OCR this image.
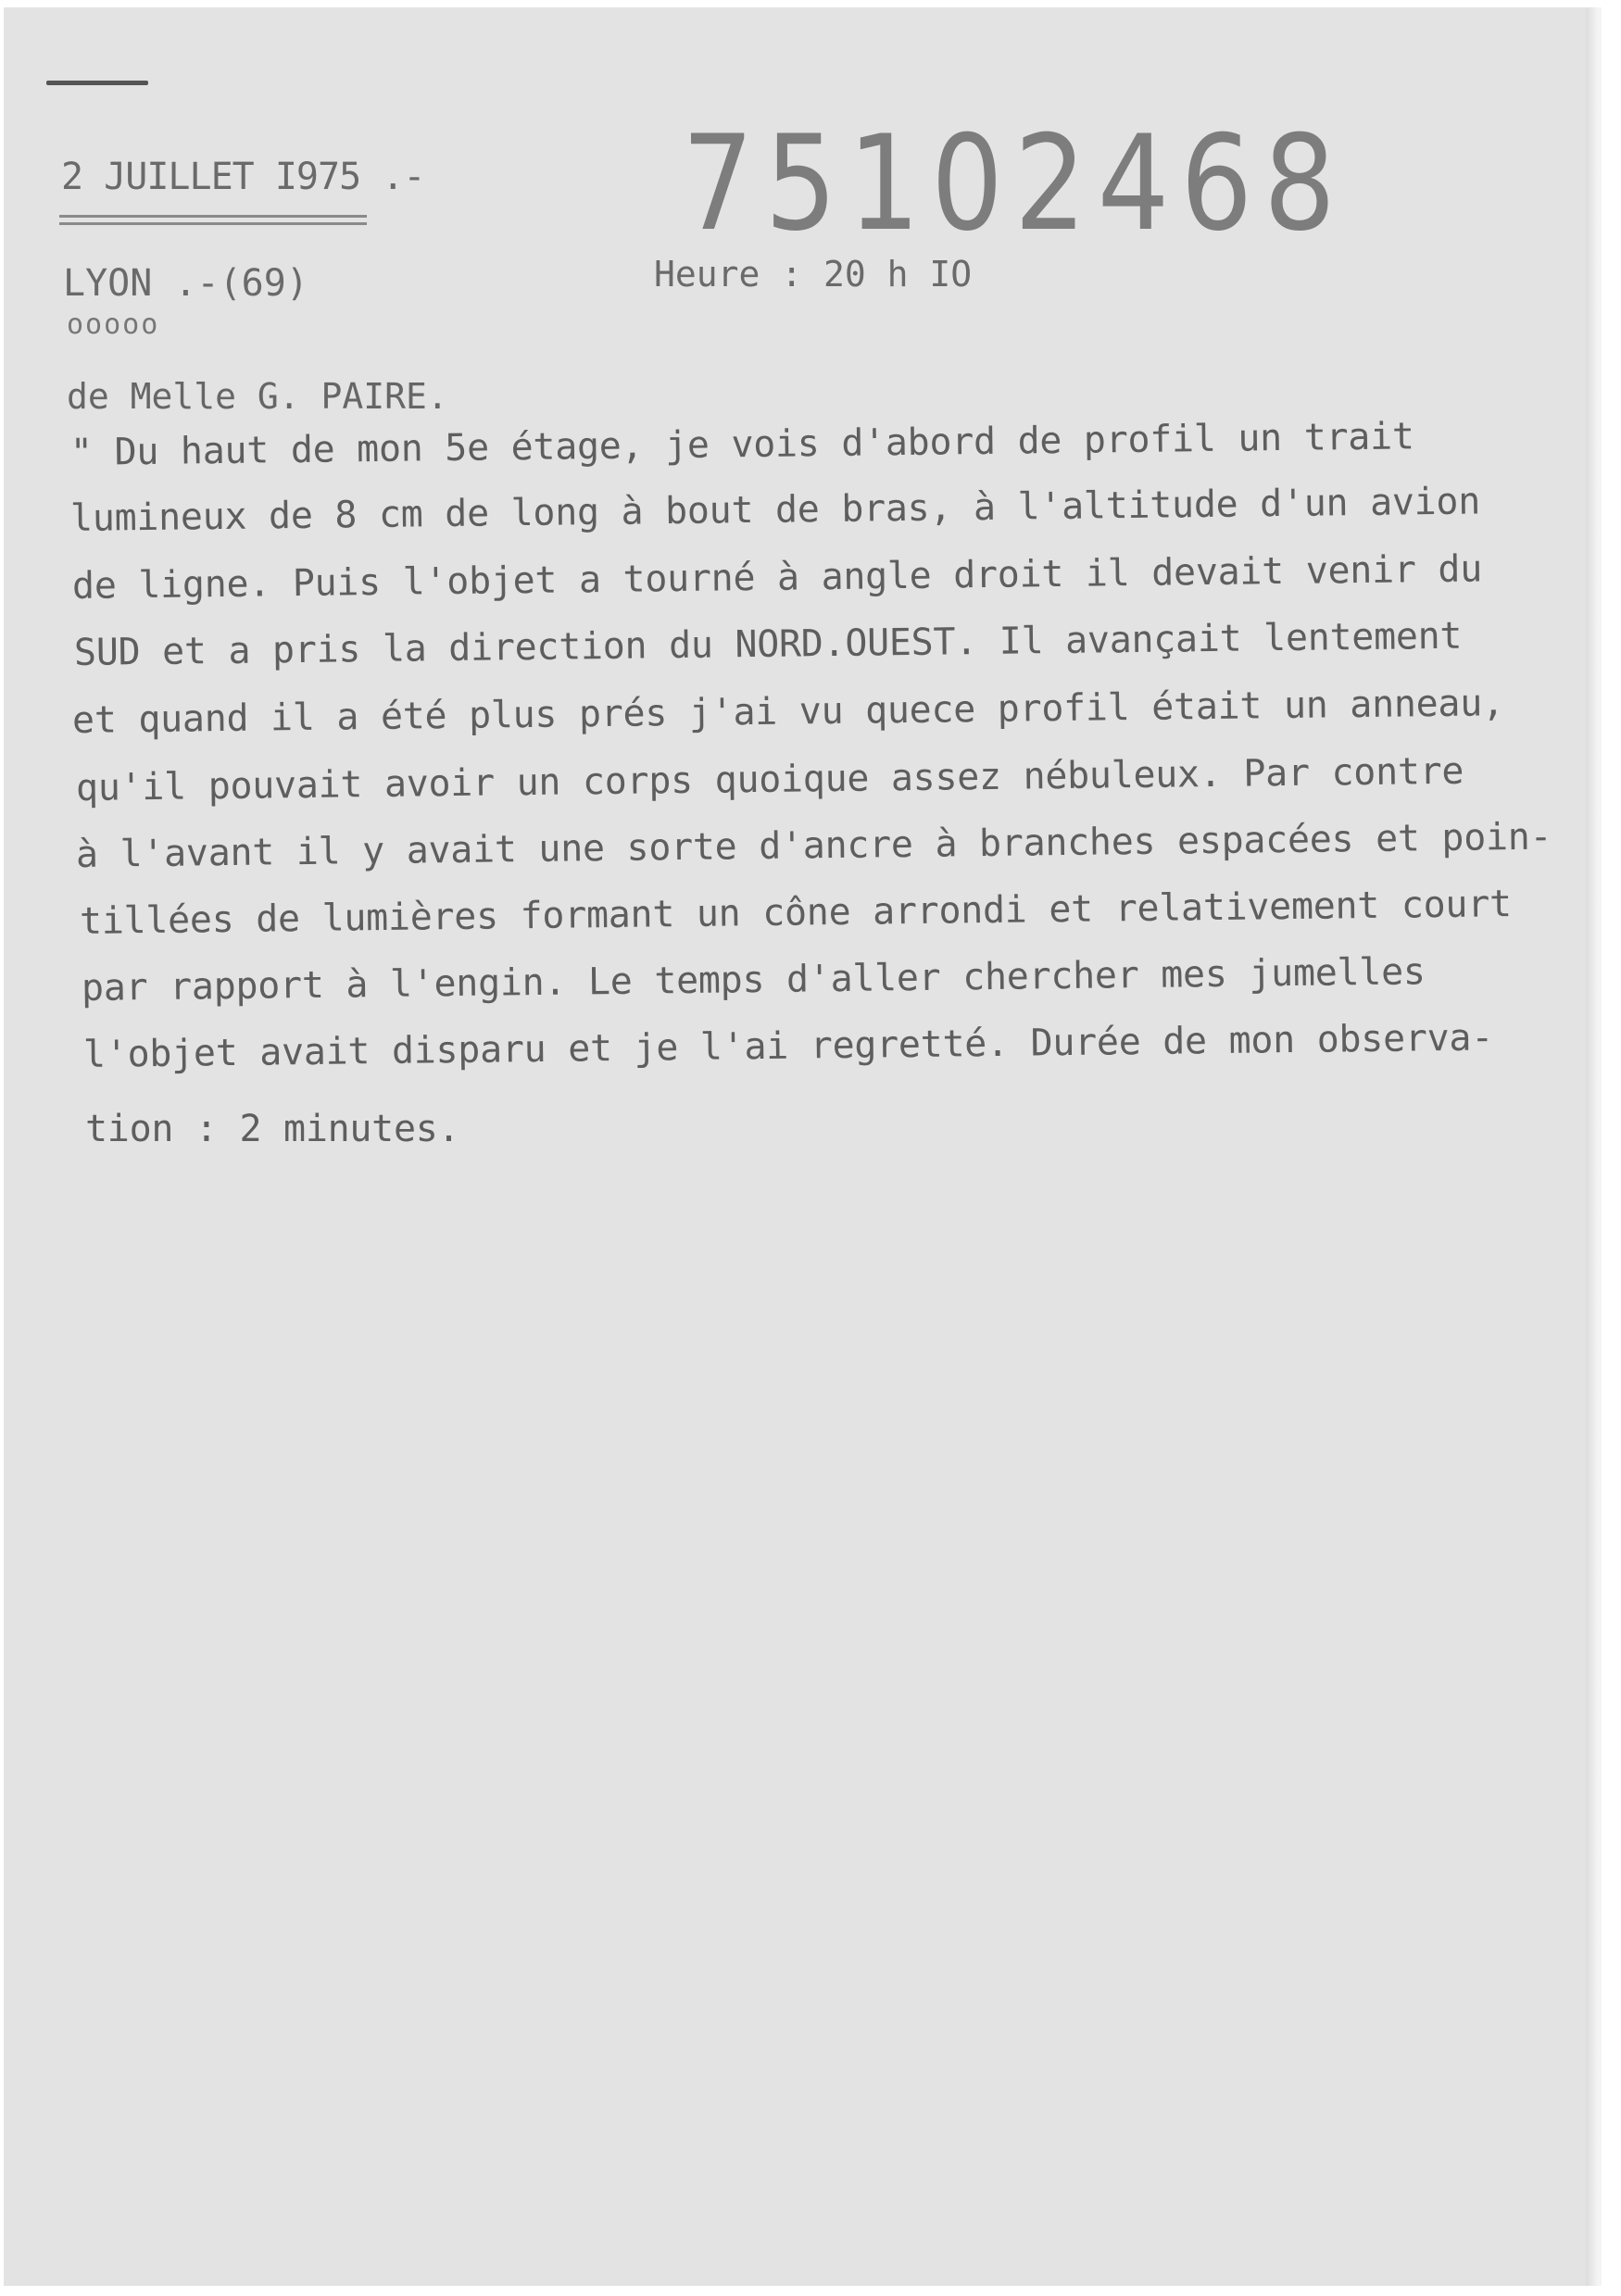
2 JUILLET I975 .- 75102468
LYON .-(69)
ooooo
Heure : 20 h IO
de Melle G. PAIRE.
" Du haut de mon 5e étage, je vois d'abord de profil un trait
lumineux de 8 cm de long à bout de bras, à l'altitude d'un avion
de ligne. Puis l'objet a tourné à angle droit il devait venir du
SUD et a pris la direction du NORD.OUEST. Il avançait lentement
et quand il a été plus prés j'ai vu quece profil était un anneau,
qu'il pouvait avoir un corps quoique assez nébuleux. Par contre
à l'avant il y avait une sorte d'ancre à branches espacées et poin-
tillées de lumières formant un cône arrondi et relativement court
par rapport à l'engin. Le temps d'aller chercher mes jumelles
l'objet avait disparu et je l'ai regretté. Durée de mon observa-
tion : 2 minutes.
